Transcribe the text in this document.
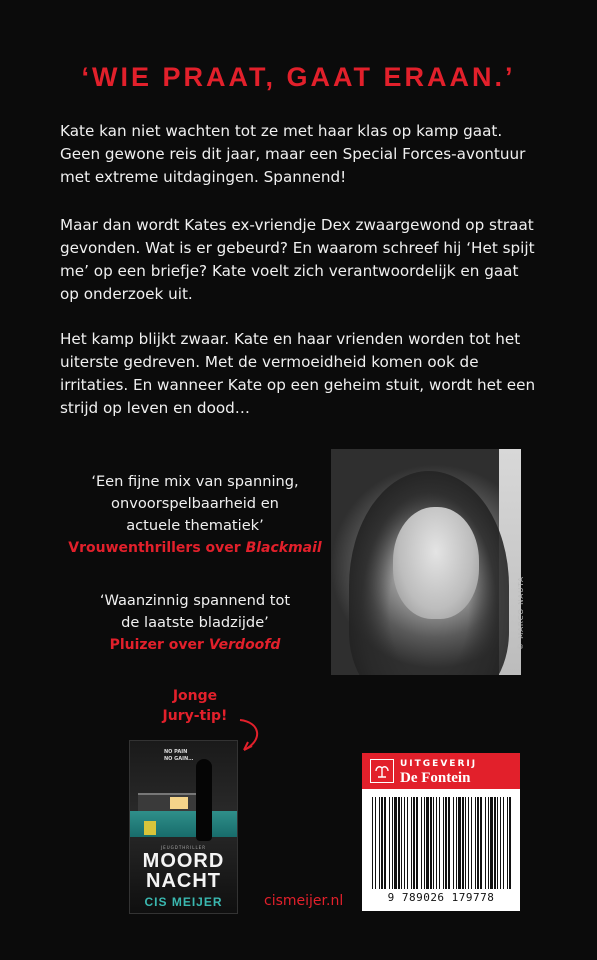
‘WIE PRAAT, GAAT ERAAN.’

Kate kan niet wachten tot ze met haar klas op kamp gaat. Geen gewone reis dit jaar, maar een Special Forces-avontuur met extreme uitdagingen. Spannend!

Maar dan wordt Kates ex-vriendje Dex zwaargewond op straat gevonden. Wat is er gebeurd? En waarom schreef hij ‘Het spijt me’ op een briefje? Kate voelt zich verantwoordelijk en gaat op onderzoek uit.

Het kamp blijkt zwaar. Kate en haar vrienden worden tot het uiterste gedreven. Met de vermoeidheid komen ook de irritaties. En wanneer Kate op een geheim stuit, wordt het een strijd op leven en dood…

‘Een fijne mix van spanning,
onvoorspelbaarheid en
actuele thematiek’
Vrouwenthrillers over Blackmail
‘Waanzinnig spannend tot
de laatste bladzijde’
Pluizer over Verdoofd	© MARCO NAUTA
Jonge
Jury-tip!
NO PAIN
NO GAIN…
JEUGDTHRILLER
MOORD
NACHT
CIS MEIJER	cismeijer.nl
UITGEVERIJ
De Fontein
9 789026 179778
